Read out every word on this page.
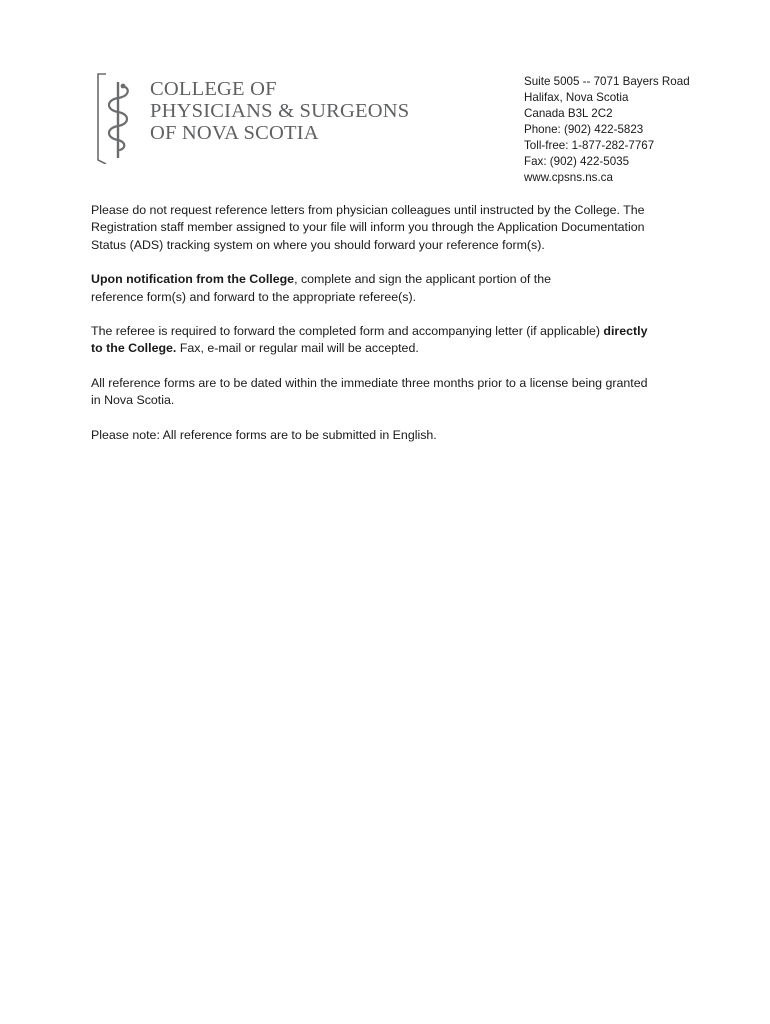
COLLEGE OF
PHYSICIANS & SURGEONS
OF NOVA SCOTIA
Suite 5005 -- 7071 Bayers Road
Halifax, Nova Scotia
Canada B3L 2C2
Phone: (902) 422-5823
Toll-free: 1-877-282-7767
Fax: (902) 422-5035
www.cpsns.ns.ca

Please do not request reference letters from physician colleagues until instructed by the College. The
Registration staff member assigned to your file will inform you through the Application Documentation
Status (ADS) tracking system on where you should forward your reference form(s).

Upon notification from the College, complete and sign the applicant portion of the
reference form(s) and forward to the appropriate referee(s).

The referee is required to forward the completed form and accompanying letter (if applicable) directly
to the College. Fax, e-mail or regular mail will be accepted.

All reference forms are to be dated within the immediate three months prior to a license being granted
in Nova Scotia.

Please note: All reference forms are to be submitted in English.
